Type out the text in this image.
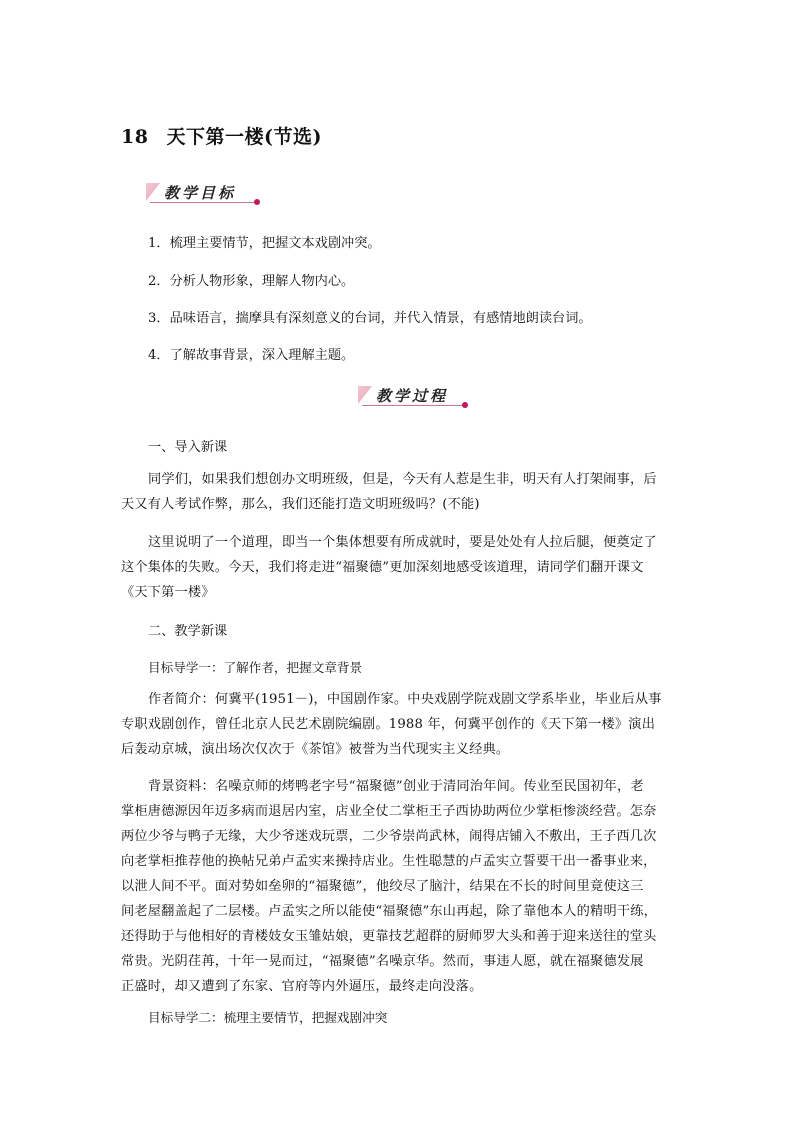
18 天下第一楼(节选)
教学目标
1．梳理主要情节，把握文本戏剧冲突。
2．分析人物形象，理解人物内心。
3．品味语言，揣摩具有深刻意义的台词，并代入情景，有感情地朗读台词。
4．了解故事背景，深入理解主题。
教学过程
一、导入新课
同学们，如果我们想创办文明班级，但是，今天有人惹是生非，明天有人打架闹事，后
天又有人考试作弊，那么，我们还能打造文明班级吗？(不能)
这里说明了一个道理，即当一个集体想要有所成就时，要是处处有人拉后腿，便奠定了
这个集体的失败。今天，我们将走进“福聚德”更加深刻地感受该道理，请同学们翻开课文
《天下第一楼》
二、教学新课
目标导学一：了解作者，把握文章背景
作者简介：何冀平(1951－)，中国剧作家。中央戏剧学院戏剧文学系毕业，毕业后从事
专职戏剧创作，曾任北京人民艺术剧院编剧。1988 年，何冀平创作的《天下第一楼》演出
后轰动京城，演出场次仅次于《茶馆》被誉为当代现实主义经典。
背景资料：名噪京师的烤鸭老字号“福聚德”创业于清同治年间。传业至民国初年，老
掌柜唐德源因年迈多病而退居内室，店业全仗二掌柜王子西协助两位少掌柜惨淡经营。怎奈
两位少爷与鸭子无缘，大少爷迷戏玩票，二少爷崇尚武林，闹得店铺入不敷出，王子西几次
向老掌柜推荐他的换帖兄弟卢孟实来操持店业。生性聪慧的卢孟实立誓要干出一番事业来，
以泄人间不平。面对势如垒卵的“福聚德”，他绞尽了脑汁，结果在不长的时间里竟使这三
间老屋翻盖起了二层楼。卢孟实之所以能使“福聚德”东山再起，除了靠他本人的精明干练，
还得助于与他相好的青楼妓女玉雏姑娘，更靠技艺超群的厨师罗大头和善于迎来送往的堂头
常贵。光阴荏苒，十年一晃而过，“福聚德”名噪京华。然而，事违人愿，就在福聚德发展
正盛时，却又遭到了东家、官府等内外逼压，最终走向没落。
目标导学二：梳理主要情节，把握戏剧冲突
